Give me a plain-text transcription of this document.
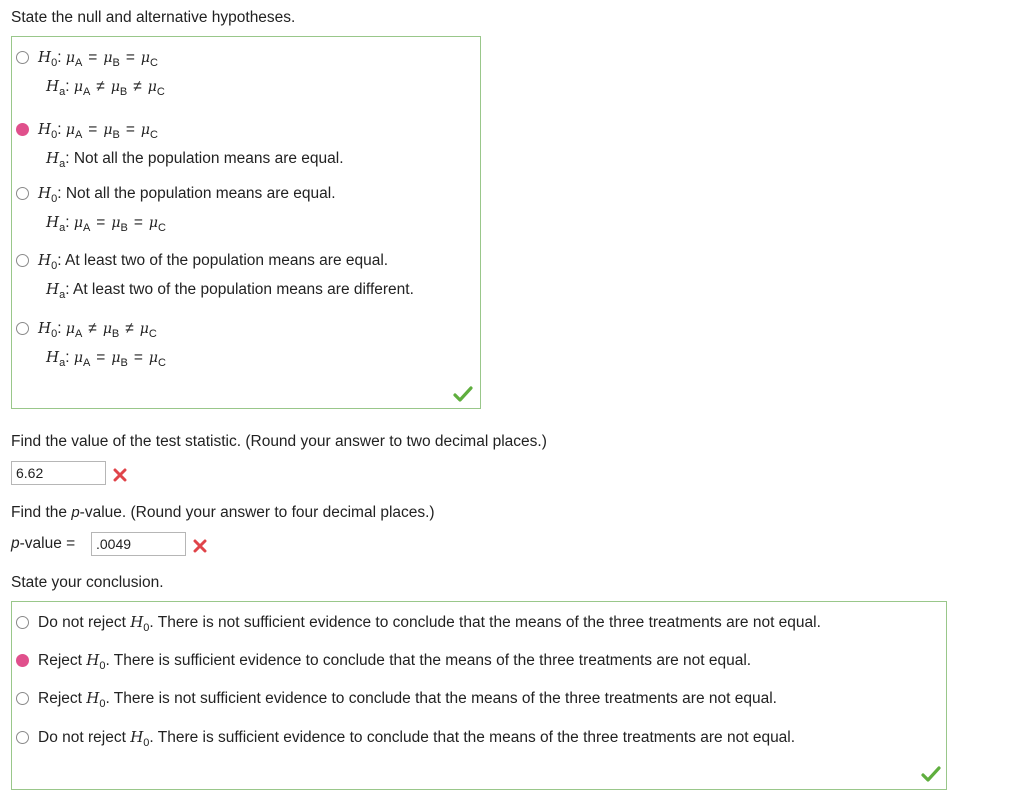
State the null and alternative hypotheses.
$H_0$: $\mu_A = \mu_B = \mu_C$
$H_a$: $\mu_A \ne \mu_B \ne \mu_C$
$H_0$: $\mu_A = \mu_B = \mu_C$
$H_a$: Not all the population means are equal.
$H_0$: Not all the population means are equal.
$H_a$: $\mu_A = \mu_B = \mu_C$
$H_0$: At least two of the population means are equal.
$H_a$: At least two of the population means are different.
$H_0$: $\mu_A \ne \mu_B \ne \mu_C$
$H_a$: $\mu_A = \mu_B = \mu_C$
Find the value of the test statistic. (Round your answer to two decimal places.)
6.62
Find the p-value. (Round your answer to four decimal places.)
p-value =
.0049
State your conclusion.
Do not reject $H_0$. There is not sufficient evidence to conclude that the means of the three treatments are not equal.
Reject $H_0$. There is sufficient evidence to conclude that the means of the three treatments are not equal.
Reject $H_0$. There is not sufficient evidence to conclude that the means of the three treatments are not equal.
Do not reject $H_0$. There is sufficient evidence to conclude that the means of the three treatments are not equal.
